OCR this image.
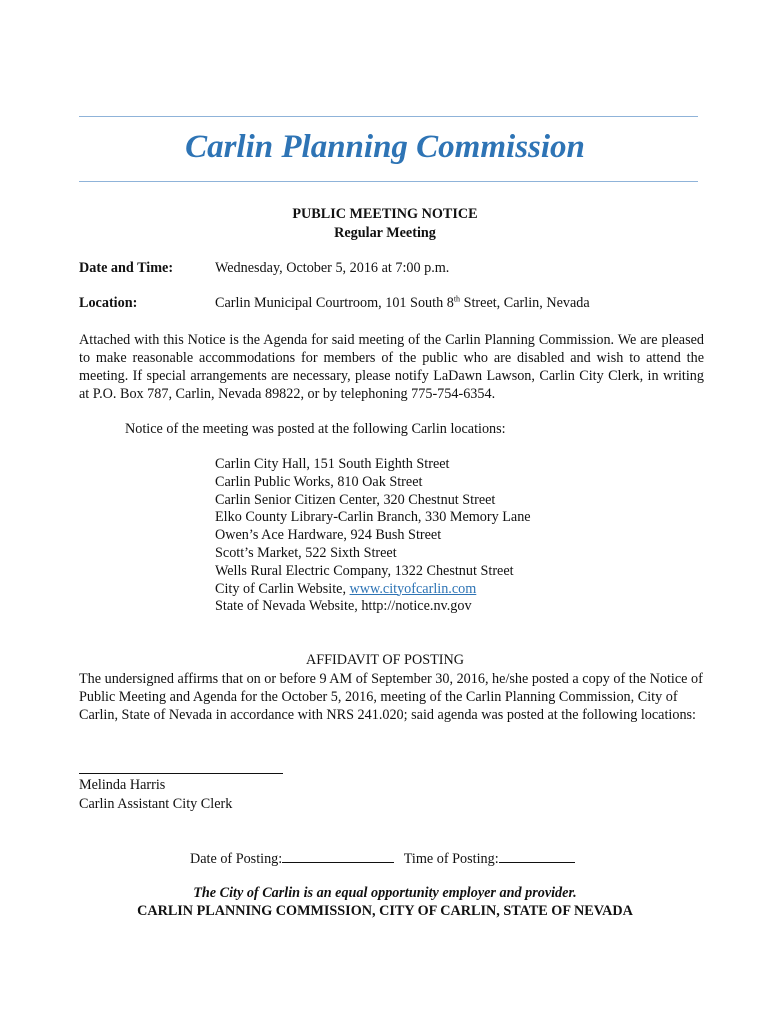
Carlin Planning Commission
PUBLIC MEETING NOTICE
Regular Meeting
Date and Time:	Wednesday, October 5, 2016 at 7:00 p.m.
Location:	Carlin Municipal Courtroom, 101 South 8th Street, Carlin, Nevada
Attached with this Notice is the Agenda for said meeting of the Carlin Planning Commission. We are pleased to make reasonable accommodations for members of the public who are disabled and wish to attend the meeting. If special arrangements are necessary, please notify LaDawn Lawson, Carlin City Clerk, in writing at P.O. Box 787, Carlin, Nevada 89822, or by telephoning 775-754-6354.
Notice of the meeting was posted at the following Carlin locations:
Carlin City Hall, 151 South Eighth Street
Carlin Public Works, 810 Oak Street
Carlin Senior Citizen Center, 320 Chestnut Street
Elko County Library-Carlin Branch, 330 Memory Lane
Owen’s Ace Hardware, 924 Bush Street
Scott’s Market, 522 Sixth Street
Wells Rural Electric Company, 1322 Chestnut Street
City of Carlin Website, www.cityofcarlin.com
State of Nevada Website, http://notice.nv.gov
AFFIDAVIT OF POSTING
The undersigned affirms that on or before 9 AM of September 30, 2016, he/she posted a copy of the Notice of Public Meeting and Agenda for the October 5, 2016, meeting of the Carlin Planning Commission, City of Carlin, State of Nevada in accordance with NRS 241.020; said agenda was posted at the following locations:
Melinda Harris
Carlin Assistant City Clerk
Date of Posting:	Time of Posting:
The City of Carlin is an equal opportunity employer and provider.
CARLIN PLANNING COMMISSION, CITY OF CARLIN, STATE OF NEVADA
